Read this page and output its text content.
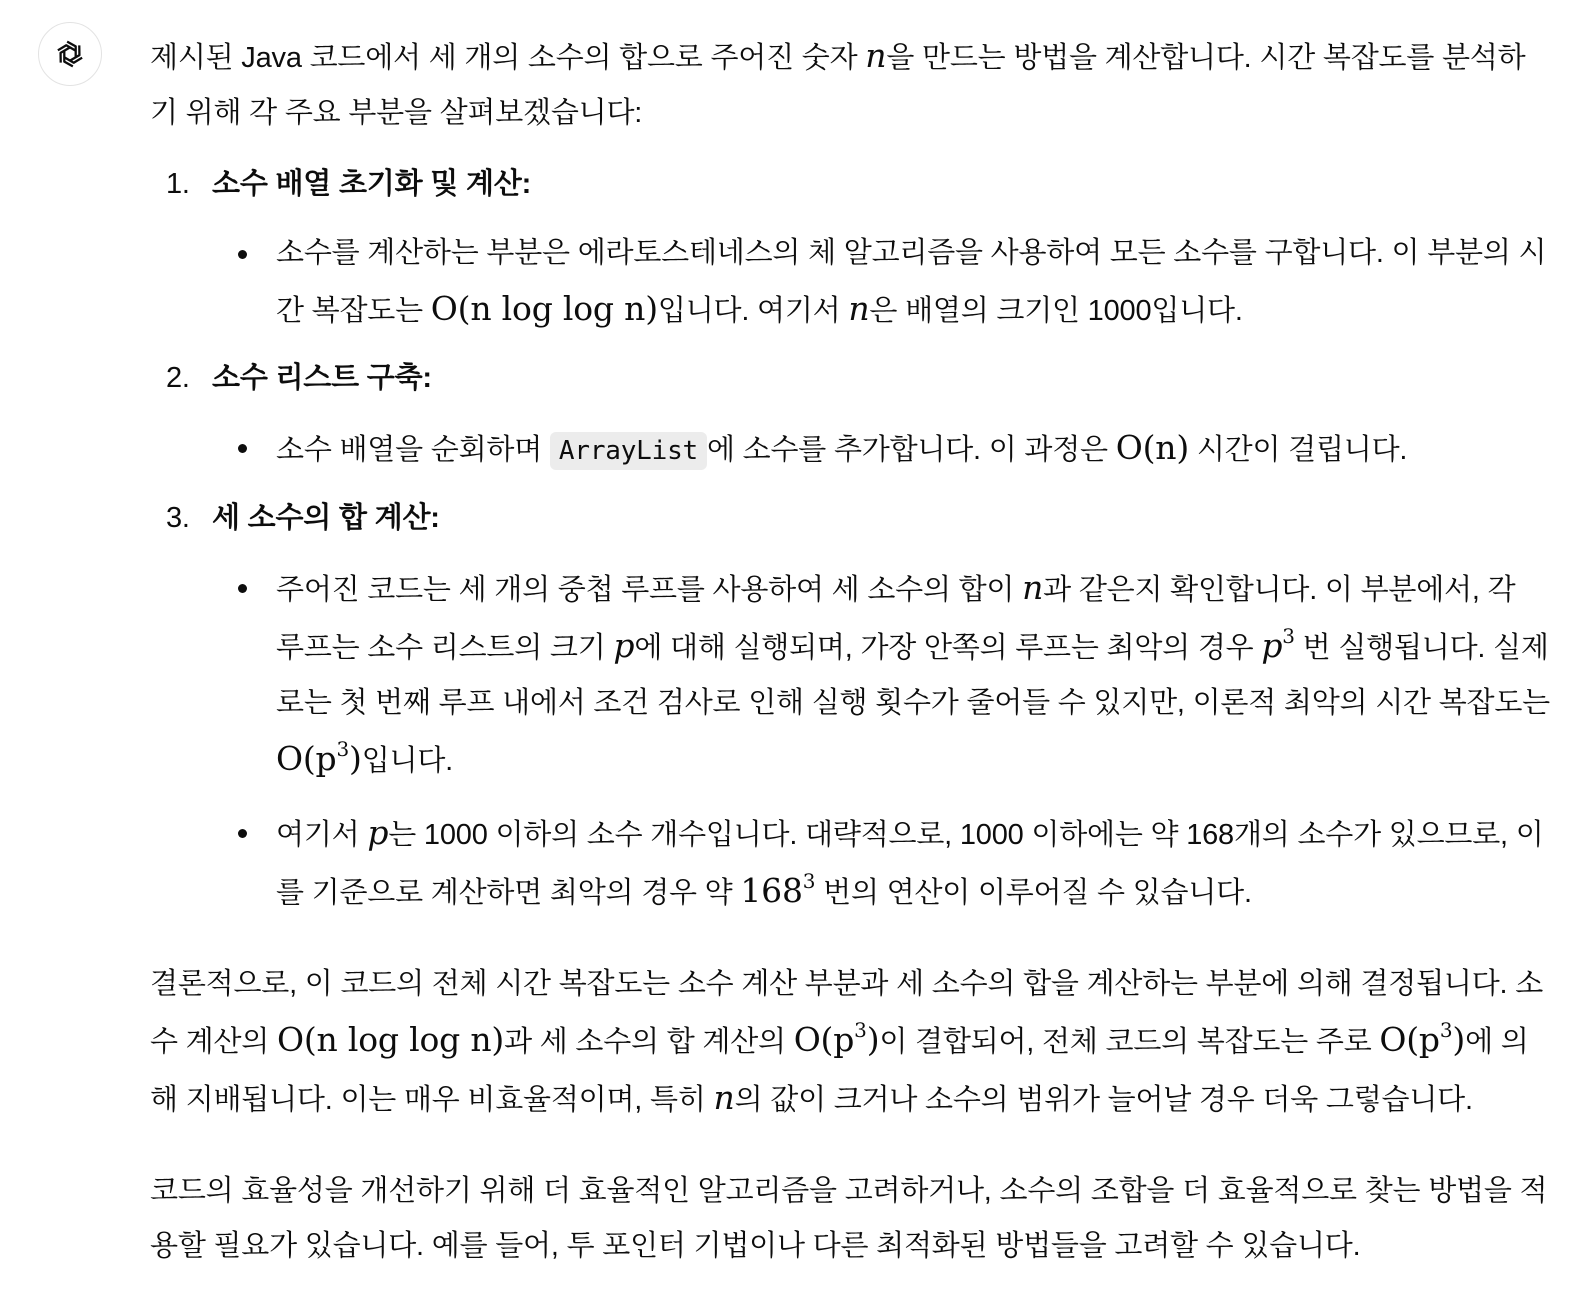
제시된 Java 코드에서 세 개의 소수의 합으로 주어진 숫자 n을 만드는 방법을 계산합니다. 시간 복잡도를 분석하기 위해 각 주요 부분을 살펴보겠습니다:

1. 소수 배열 초기화 및 계산:
소수를 계산하는 부분은 에라토스테네스의 체 알고리즘을 사용하여 모든 소수를 구합니다. 이 부분의 시간 복잡도는 O(n log log n)입니다. 여기서 n은 배열의 크기인 1000입니다.
2. 소수 리스트 구축:
소수 배열을 순회하며 ArrayList 에 소수를 추가합니다. 이 과정은 O(n) 시간이 걸립니다.
3. 세 소수의 합 계산:
주어진 코드는 세 개의 중첩 루프를 사용하여 세 소수의 합이 n과 같은지 확인합니다. 이 부분에서, 각 루프는 소수 리스트의 크기 p에 대해 실행되며, 가장 안쪽의 루프는 최악의 경우 $p^3$ 번 실행됩니다. 실제로는 첫 번째 루프 내에서 조건 검사로 인해 실행 횟수가 줄어들 수 있지만, 이론적 최악의 시간 복잡도는 $O(p^3)$입니다.
여기서 p는 1000 이하의 소수 개수입니다. 대략적으로, 1000 이하에는 약 168개의 소수가 있으므로, 이를 기준으로 계산하면 최악의 경우 약 $168^3$ 번의 연산이 이루어질 수 있습니다.

결론적으로, 이 코드의 전체 시간 복잡도는 소수 계산 부분과 세 소수의 합을 계산하는 부분에 의해 결정됩니다. 소수 계산의 O(n log log n)과 세 소수의 합 계산의 $O(p^3)$이 결합되어, 전체 코드의 복잡도는 주로 $O(p^3)$에 의해 지배됩니다. 이는 매우 비효율적이며, 특히 n의 값이 크거나 소수의 범위가 늘어날 경우 더욱 그렇습니다.

코드의 효율성을 개선하기 위해 더 효율적인 알고리즘을 고려하거나, 소수의 조합을 더 효율적으로 찾는 방법을 적용할 필요가 있습니다. 예를 들어, 투 포인터 기법이나 다른 최적화된 방법들을 고려할 수 있습니다.
